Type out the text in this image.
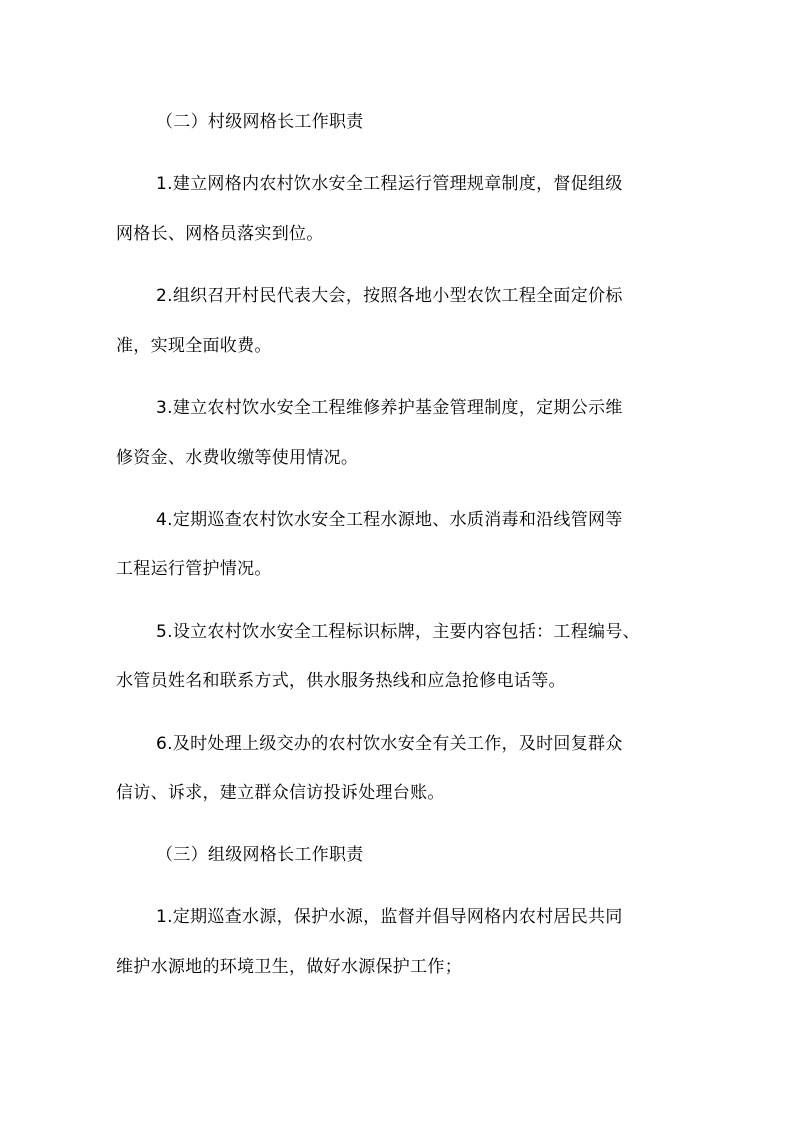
（二）村级网格长工作职责
1.建立网格内农村饮水安全工程运行管理规章制度，督促组级
网格长、网格员落实到位。
2.组织召开村民代表大会，按照各地小型农饮工程全面定价标
准，实现全面收费。
3.建立农村饮水安全工程维修养护基金管理制度，定期公示维
修资金、水费收缴等使用情况。
4.定期巡查农村饮水安全工程水源地、水质消毒和沿线管网等
工程运行管护情况。
5.设立农村饮水安全工程标识标牌，主要内容包括：工程编号、
水管员姓名和联系方式，供水服务热线和应急抢修电话等。
6.及时处理上级交办的农村饮水安全有关工作，及时回复群众
信访、诉求，建立群众信访投诉处理台账。
（三）组级网格长工作职责
1.定期巡查水源，保护水源，监督并倡导网格内农村居民共同
维护水源地的环境卫生，做好水源保护工作；
